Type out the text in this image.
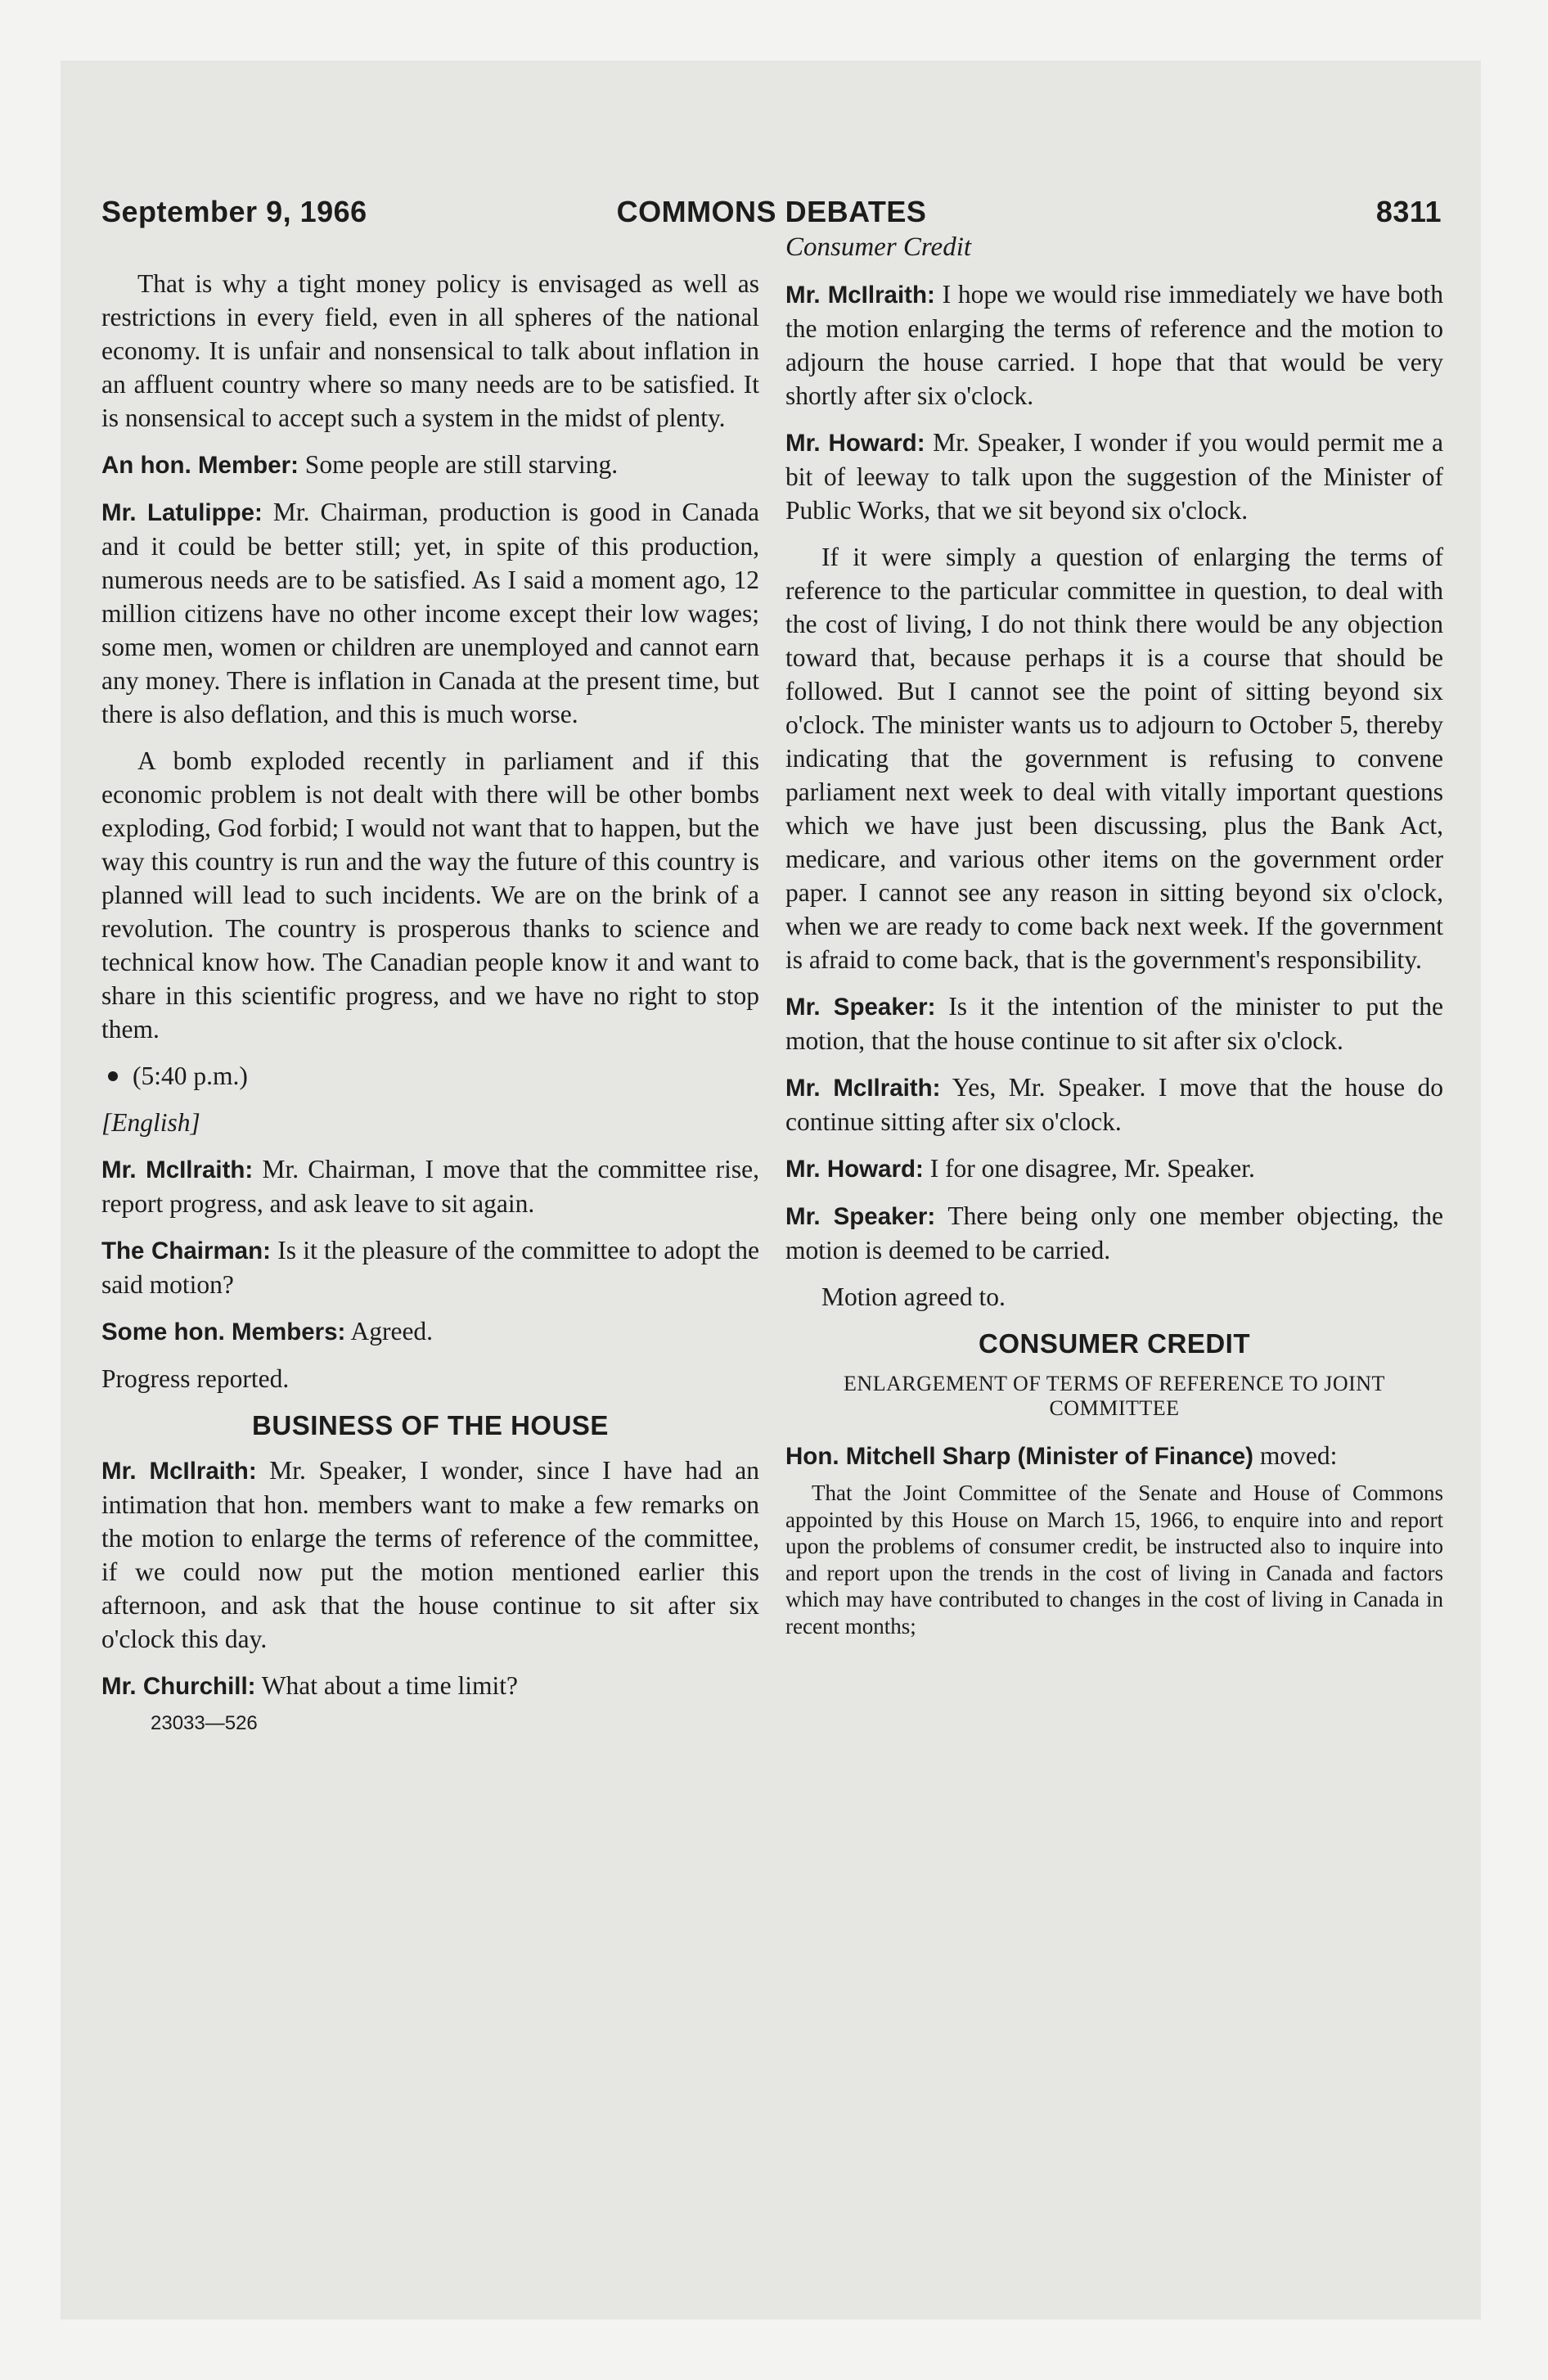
September 9, 1966	COMMONS DEBATES	8311

That is why a tight money policy is envisaged as well as restrictions in every field, even in all spheres of the national economy. It is unfair and nonsensical to talk about inflation in an affluent country where so many needs are to be satisfied. It is nonsensical to accept such a system in the midst of plenty.

An hon. Member: Some people are still starving.

Mr. Latulippe: Mr. Chairman, production is good in Canada and it could be better still; yet, in spite of this production, numerous needs are to be satisfied. As I said a moment ago, 12 million citizens have no other income except their low wages; some men, women or children are unemployed and cannot earn any money. There is inflation in Canada at the present time, but there is also deflation, and this is much worse.

A bomb exploded recently in parliament and if this economic problem is not dealt with there will be other bombs exploding, God forbid; I would not want that to happen, but the way this country is run and the way the future of this country is planned will lead to such incidents. We are on the brink of a revolution. The country is prosperous thanks to science and technical know how. The Canadian people know it and want to share in this scientific progress, and we have no right to stop them.

(5:40 p.m.)

[English]

Mr. McIlraith: Mr. Chairman, I move that the committee rise, report progress, and ask leave to sit again.

The Chairman: Is it the pleasure of the committee to adopt the said motion?

Some hon. Members: Agreed.

Progress reported.

BUSINESS OF THE HOUSE

Mr. McIlraith: Mr. Speaker, I wonder, since I have had an intimation that hon. members want to make a few remarks on the motion to enlarge the terms of reference of the committee, if we could now put the motion mentioned earlier this afternoon, and ask that the house continue to sit after six o'clock this day.

Mr. Churchill: What about a time limit?

23033—526

Consumer Credit

Mr. McIlraith: I hope we would rise immediately we have both the motion enlarging the terms of reference and the motion to adjourn the house carried. I hope that that would be very shortly after six o'clock.

Mr. Howard: Mr. Speaker, I wonder if you would permit me a bit of leeway to talk upon the suggestion of the Minister of Public Works, that we sit beyond six o'clock.

If it were simply a question of enlarging the terms of reference to the particular committee in question, to deal with the cost of living, I do not think there would be any objection toward that, because perhaps it is a course that should be followed. But I cannot see the point of sitting beyond six o'clock. The minister wants us to adjourn to October 5, thereby indicating that the government is refusing to convene parliament next week to deal with vitally important questions which we have just been discussing, plus the Bank Act, medicare, and various other items on the government order paper. I cannot see any reason in sitting beyond six o'clock, when we are ready to come back next week. If the government is afraid to come back, that is the government's responsibility.

Mr. Speaker: Is it the intention of the minister to put the motion, that the house continue to sit after six o'clock.

Mr. McIlraith: Yes, Mr. Speaker. I move that the house do continue sitting after six o'clock.

Mr. Howard: I for one disagree, Mr. Speaker.

Mr. Speaker: There being only one member objecting, the motion is deemed to be carried.

Motion agreed to.

CONSUMER CREDIT
ENLARGEMENT OF TERMS OF REFERENCE TO JOINT COMMITTEE

Hon. Mitchell Sharp (Minister of Finance) moved:

That the Joint Committee of the Senate and House of Commons appointed by this House on March 15, 1966, to enquire into and report upon the problems of consumer credit, be instructed also to inquire into and report upon the trends in the cost of living in Canada and factors which may have contributed to changes in the cost of living in Canada in recent months;
